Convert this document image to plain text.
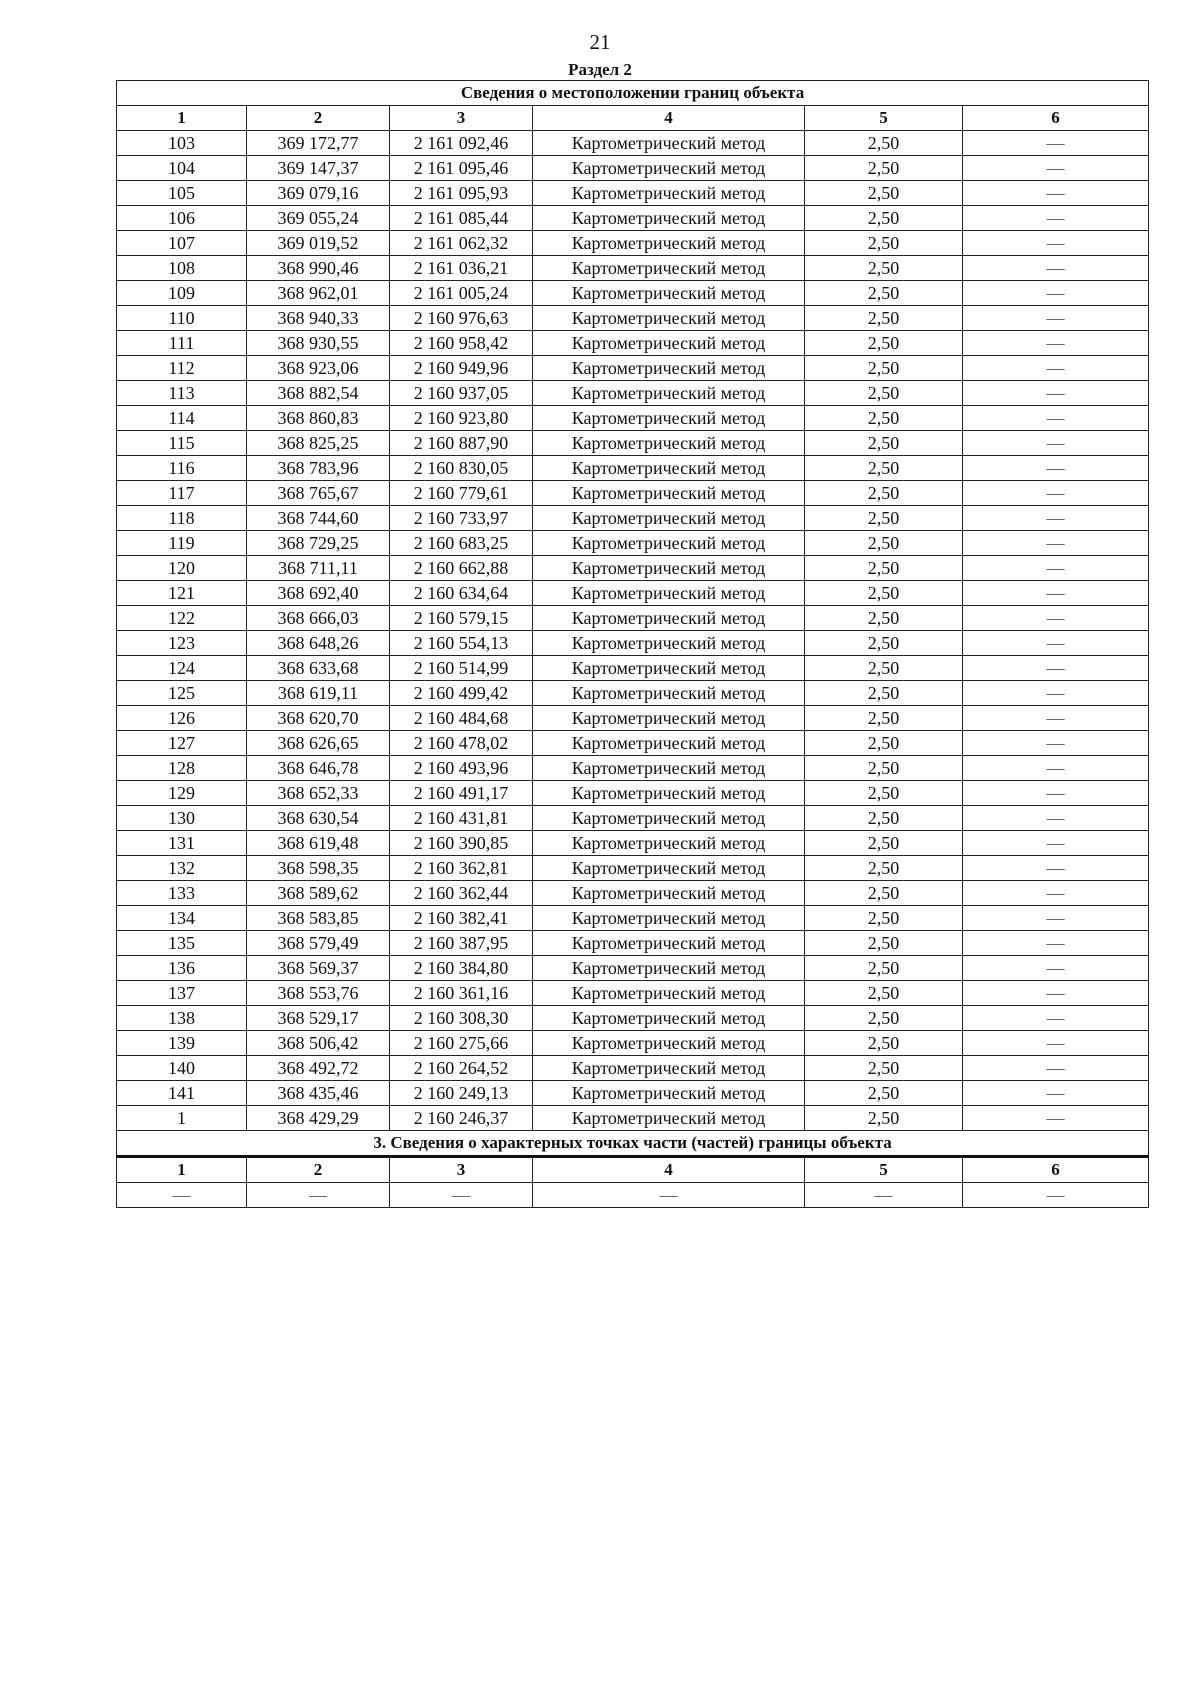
21
Раздел 2
Сведения о местоположении границ объекта					
1	2	3	4	5	6
103	369 172,77	2 161 092,46	Картометрический метод	2,50	—
104	369 147,37	2 161 095,46	Картометрический метод	2,50	—
105	369 079,16	2 161 095,93	Картометрический метод	2,50	—
106	369 055,24	2 161 085,44	Картометрический метод	2,50	—
107	369 019,52	2 161 062,32	Картометрический метод	2,50	—
108	368 990,46	2 161 036,21	Картометрический метод	2,50	—
109	368 962,01	2 161 005,24	Картометрический метод	2,50	—
110	368 940,33	2 160 976,63	Картометрический метод	2,50	—
111	368 930,55	2 160 958,42	Картометрический метод	2,50	—
112	368 923,06	2 160 949,96	Картометрический метод	2,50	—
113	368 882,54	2 160 937,05	Картометрический метод	2,50	—
114	368 860,83	2 160 923,80	Картометрический метод	2,50	—
115	368 825,25	2 160 887,90	Картометрический метод	2,50	—
116	368 783,96	2 160 830,05	Картометрический метод	2,50	—
117	368 765,67	2 160 779,61	Картометрический метод	2,50	—
118	368 744,60	2 160 733,97	Картометрический метод	2,50	—
119	368 729,25	2 160 683,25	Картометрический метод	2,50	—
120	368 711,11	2 160 662,88	Картометрический метод	2,50	—
121	368 692,40	2 160 634,64	Картометрический метод	2,50	—
122	368 666,03	2 160 579,15	Картометрический метод	2,50	—
123	368 648,26	2 160 554,13	Картометрический метод	2,50	—
124	368 633,68	2 160 514,99	Картометрический метод	2,50	—
125	368 619,11	2 160 499,42	Картометрический метод	2,50	—
126	368 620,70	2 160 484,68	Картометрический метод	2,50	—
127	368 626,65	2 160 478,02	Картометрический метод	2,50	—
128	368 646,78	2 160 493,96	Картометрический метод	2,50	—
129	368 652,33	2 160 491,17	Картометрический метод	2,50	—
130	368 630,54	2 160 431,81	Картометрический метод	2,50	—
131	368 619,48	2 160 390,85	Картометрический метод	2,50	—
132	368 598,35	2 160 362,81	Картометрический метод	2,50	—
133	368 589,62	2 160 362,44	Картометрический метод	2,50	—
134	368 583,85	2 160 382,41	Картометрический метод	2,50	—
135	368 579,49	2 160 387,95	Картометрический метод	2,50	—
136	368 569,37	2 160 384,80	Картометрический метод	2,50	—
137	368 553,76	2 160 361,16	Картометрический метод	2,50	—
138	368 529,17	2 160 308,30	Картометрический метод	2,50	—
139	368 506,42	2 160 275,66	Картометрический метод	2,50	—
140	368 492,72	2 160 264,52	Картометрический метод	2,50	—
141	368 435,46	2 160 249,13	Картометрический метод	2,50	—
1	368 429,29	2 160 246,37	Картометрический метод	2,50	—
3. Сведения о характерных точках части (частей) границы объекта					
1	2	3	4	5	6
—	—	—	—	—	—
